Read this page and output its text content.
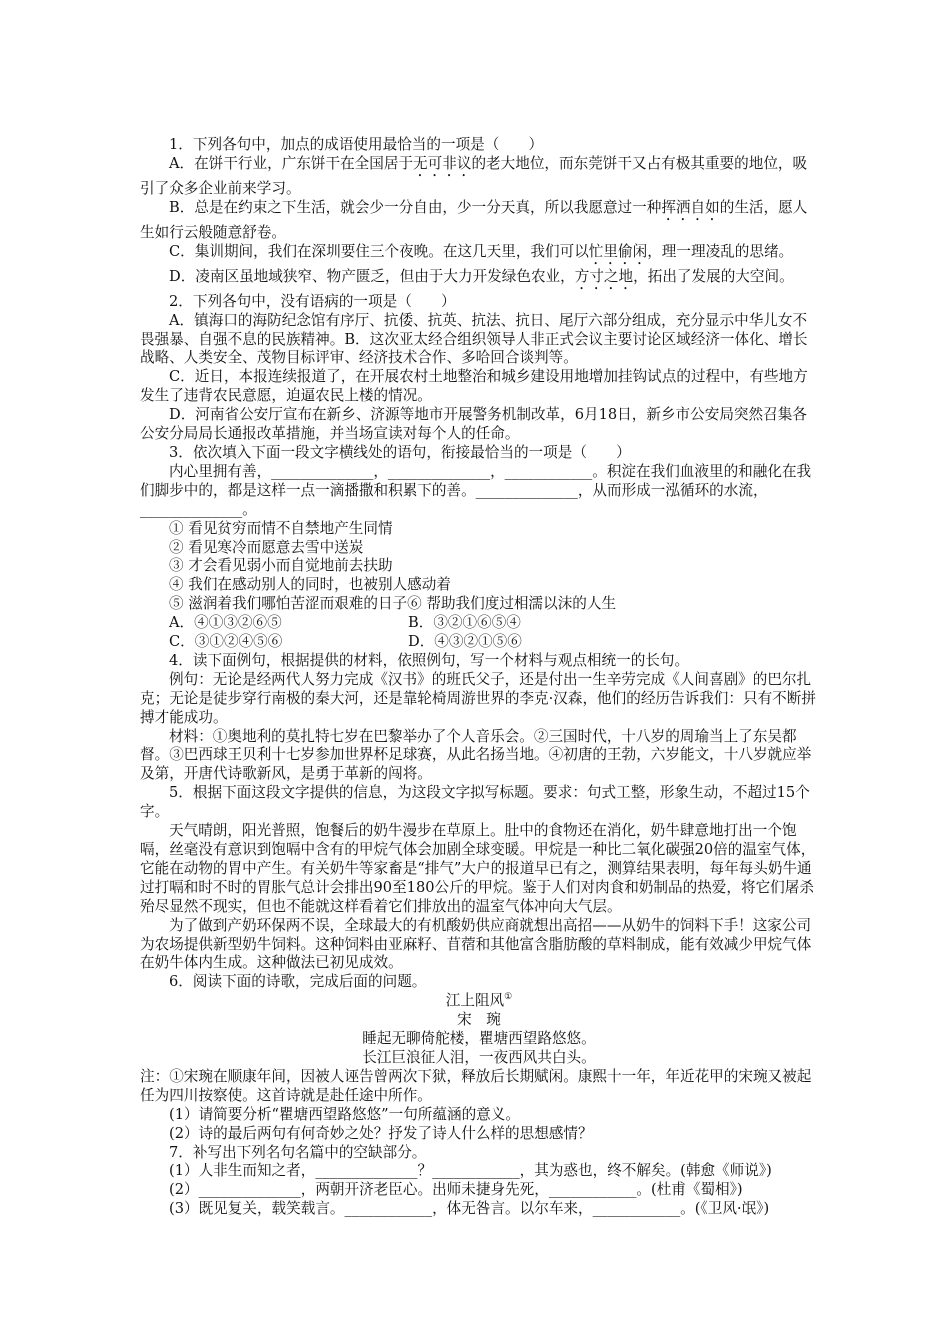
1．下列各句中，加点的成语使用最恰当的一项是（　　）

A．在饼干行业，广东饼干在全国居于无可非议的老大地位，而东莞饼干又占有极其重要的地位，吸引了众多企业前来学习。

B．总是在约束之下生活，就会少一分自由，少一分天真，所以我愿意过一种挥洒自如的生活，愿人生如行云般随意舒卷。

C．集训期间，我们在深圳要住三个夜晚。在这几天里，我们可以忙里偷闲，理一理凌乱的思绪。

D．凌南区虽地域狭窄、物产匮乏，但由于大力开发绿色农业，方寸之地，拓出了发展的大空间。

2．下列各句中，没有语病的一项是（　　）

A．镇海口的海防纪念馆有序厅、抗倭、抗英、抗法、抗日、尾厅六部分组成，充分显示中华儿女不畏强暴、自强不息的民族精神。B．这次亚太经合组织领导人非正式会议主要讨论区域经济一体化、增长战略、人类安全、茂物目标评审、经济技术合作、多哈回合谈判等。

C．近日，本报连续报道了，在开展农村土地整治和城乡建设用地增加挂钩试点的过程中，有些地方发生了违背农民意愿，迫逼农民上楼的情况。

D．河南省公安厅宣布在新乡、济源等地市开展警务机制改革，6月18日，新乡市公安局突然召集各公安分局局长通报改革措施，并当场宣读对每个人的任命。

3．依次填入下面一段文字横线处的语句，衔接最恰当的一项是（　　）

内心里拥有善，______________，______________，____________。积淀在我们血液里的和融化在我们脚步中的，都是这样一点一滴播撒和积累下的善。______________，从而形成一泓循环的水流，______________。

① 看见贫穷而情不自禁地产生同情

② 看见寒冷而愿意去雪中送炭

③ 才会看见弱小而自觉地前去扶助

④ 我们在感动别人的同时，也被别人感动着

⑤ 滋润着我们哪怕苦涩而艰难的日子⑥ 帮助我们度过相濡以沫的人生

A．④①③②⑥⑤	B．③②①⑥⑤④
C．③①②④⑤⑥	D．④③②①⑤⑥

4．读下面例句，根据提供的材料，依照例句，写一个材料与观点相统一的长句。

例句：无论是经两代人努力完成《汉书》的班氏父子，还是付出一生辛劳完成《人间喜剧》的巴尔扎克；无论是徒步穿行南极的秦大河，还是靠轮椅周游世界的李克·汉森，他们的经历告诉我们：只有不断拼搏才能成功。

材料：①奥地利的莫扎特七岁在巴黎举办了个人音乐会。②三国时代，十八岁的周瑜当上了东吴都督。③巴西球王贝利十七岁参加世界杯足球赛，从此名扬当地。④初唐的王勃，六岁能文，十八岁就应举及第，开唐代诗歌新风，是勇于革新的闯将。

5．根据下面这段文字提供的信息，为这段文字拟写标题。要求：句式工整，形象生动，不超过15个字。

天气晴朗，阳光普照，饱餐后的奶牛漫步在草原上。肚中的食物还在消化，奶牛肆意地打出一个饱嗝，丝毫没有意识到饱嗝中含有的甲烷气体会加剧全球变暖。甲烷是一种比二氧化碳强20倍的温室气体，它能在动物的胃中产生。有关奶牛等家畜是“排气”大户的报道早已有之，测算结果表明，每年每头奶牛通过打嗝和时不时的胃胀气总计会排出90至180公斤的甲烷。鉴于人们对肉食和奶制品的热爱，将它们屠杀殆尽显然不现实，但也不能就这样看着它们排放出的温室气体冲向大气层。

为了做到产奶环保两不误，全球最大的有机酸奶供应商就想出高招——从奶牛的饲料下手！这家公司为农场提供新型奶牛饲料。这种饲料由亚麻籽、苜蓿和其他富含脂肪酸的草料制成，能有效减少甲烷气体在奶牛体内生成。这种做法已初见成效。

6．阅读下面的诗歌，完成后面的问题。

江上阻风①

宋　琬

睡起无聊倚舵楼，瞿塘西望路悠悠。

长江巨浪征人泪，一夜西风共白头。

注：①宋琬在顺康年间，因被人诬告曾两次下狱，释放后长期赋闲。康熙十一年，年近花甲的宋琬又被起任为四川按察使。这首诗就是赴任途中所作。

(1）请简要分析“瞿塘西望路悠悠”一句所蕴涵的意义。

(2）诗的最后两句有何奇妙之处？抒发了诗人什么样的思想感情？

7．补写出下列名句名篇中的空缺部分。

(1）人非生而知之者，______________？____________，其为惑也，终不解矣。(韩愈《师说》)

(2）______________，两朝开济老臣心。出师未捷身先死，____________。(杜甫《蜀相》)

(3）既见复关，载笑载言。____________，体无咎言。以尔车来，____________。(《卫风·氓》)
